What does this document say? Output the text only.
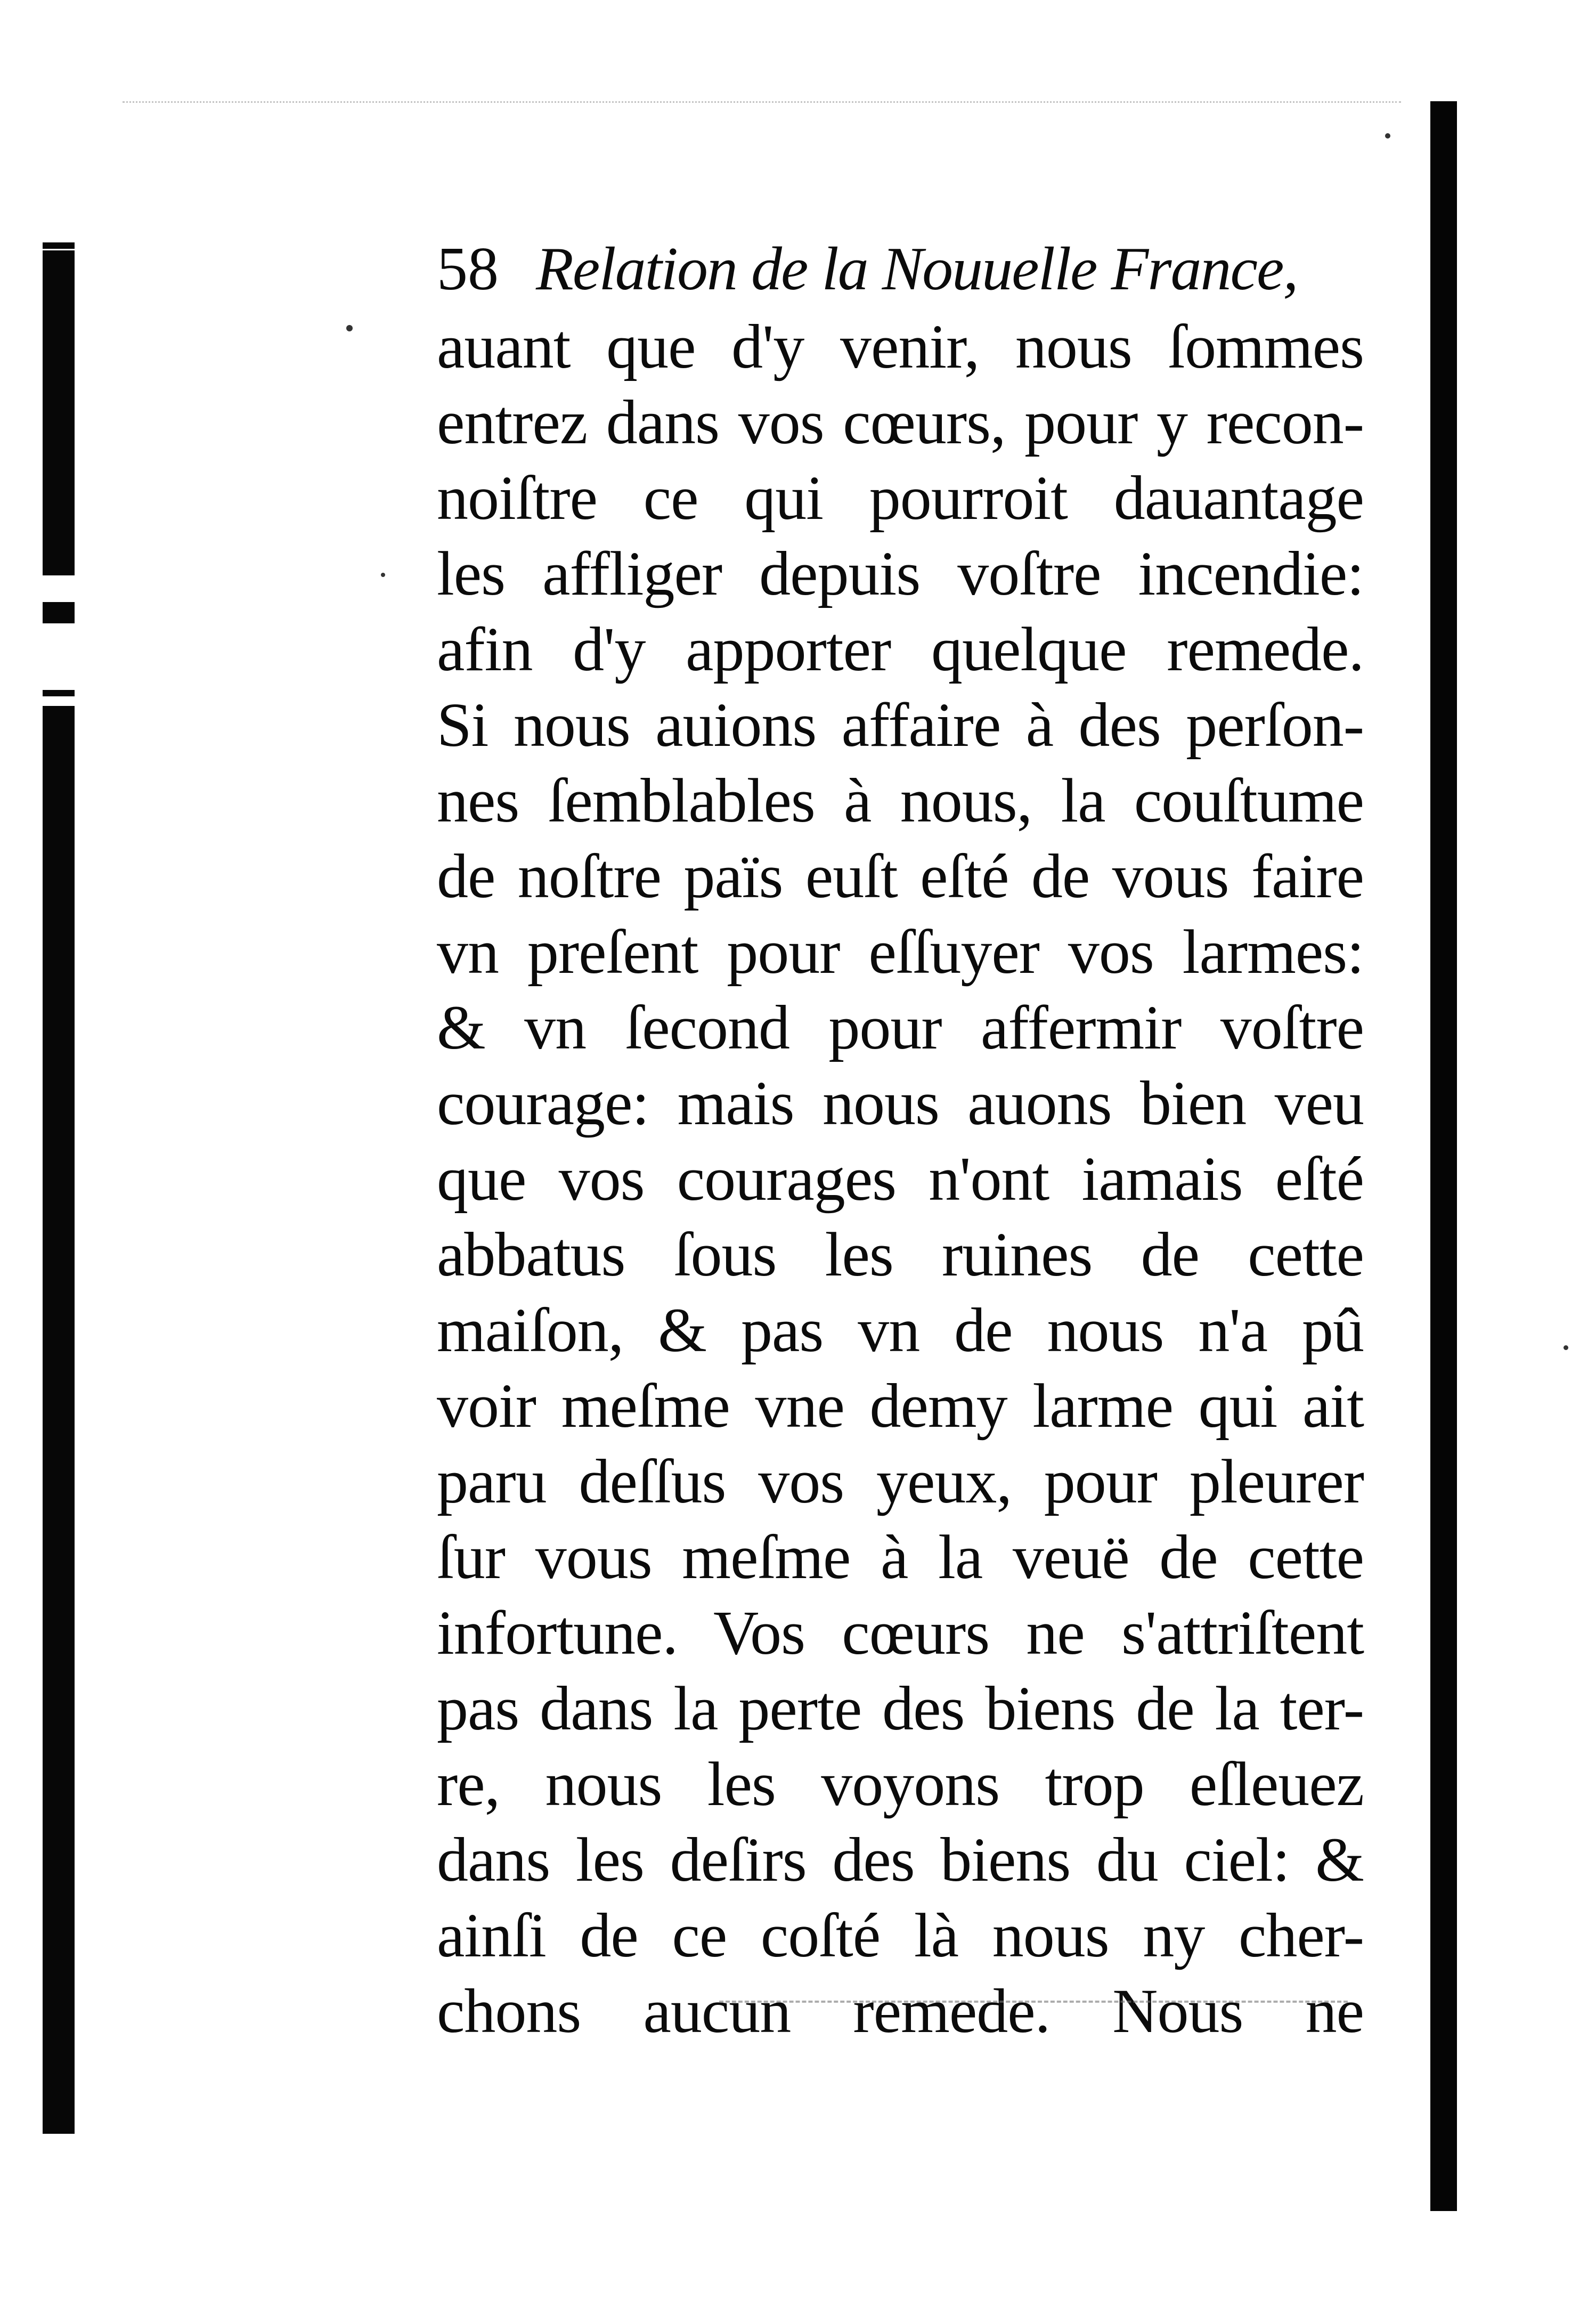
58 Relation de la Nouuelle France,
auant que d'y venir, nous ſommes
entrez dans vos cœurs, pour y recon-
noiſtre ce qui pourroit dauantage
les affliger depuis voſtre incendie:
afin d'y apporter quelque remede.
Si nous auions affaire à des perſon-
nes ſemblables à nous, la couſtume
de noſtre païs euſt eſté de vous faire
vn preſent pour eſſuyer vos larmes:
& vn ſecond pour affermir voſtre
courage: mais nous auons bien veu
que vos courages n'ont iamais eſté
abbatus ſous les ruines de cette
maiſon, & pas vn de nous n'a pû
voir meſme vne demy larme qui ait
paru deſſus vos yeux, pour pleurer
ſur vous meſme à la veuë de cette
infortune. Vos cœurs ne s'attriſtent
pas dans la perte des biens de la ter-
re, nous les voyons trop eſleuez
dans les deſirs des biens du ciel: &
ainſi de ce coſté là nous ny cher-
chons aucun remede. Nous ne
